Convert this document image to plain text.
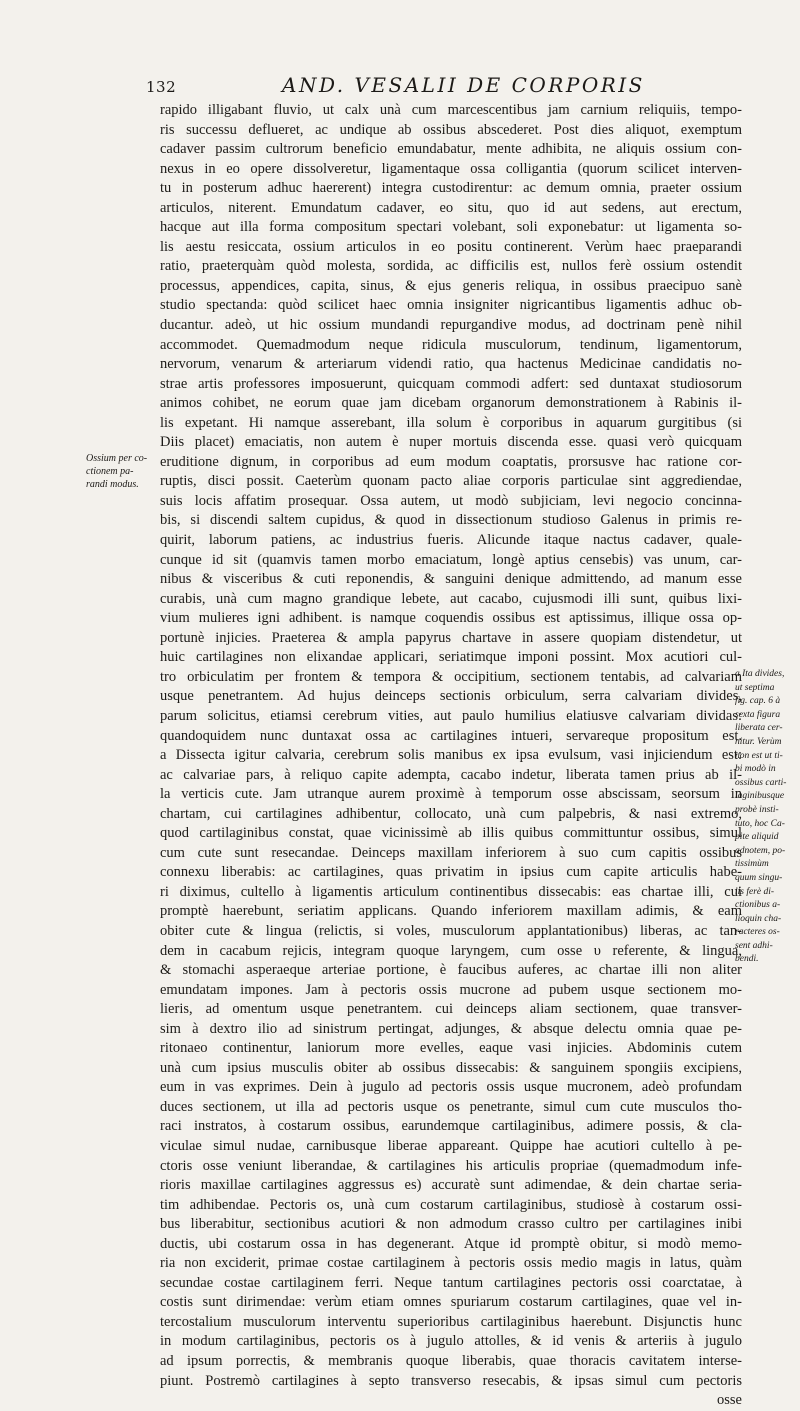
132	AND. VESALII DE CORPORIS
Ossium per co-
ctionem pa-
randi modus.
rapido illigabant fluvio, ut calx unà cum marcescentibus jam carnium reliquiis, tempo-
ris successu deflueret, ac undique ab ossibus abscederet. Post dies aliquot, exemptum
cadaver passim cultrorum beneficio emundabatur, mente adhibita, ne aliquis ossium con-
nexus in eo opere dissolveretur, ligamentaque ossa colligantia (quorum scilicet interven-
tu in posterum adhuc haererent) integra custodirentur: ac demum omnia, praeter ossium
articulos, niterent. Emundatum cadaver, eo situ, quo id aut sedens, aut erectum,
hacque aut illa forma compositum spectari volebant, soli exponebatur: ut ligamenta so-
lis aestu resiccata, ossium articulos in eo positu continerent. Verùm haec praeparandi
ratio, praeterquàm quòd molesta, sordida, ac difficilis est, nullos ferè ossium ostendit
processus, appendices, capita, sinus, & ejus generis reliqua, in ossibus praecipuo sanè
studio spectanda: quòd scilicet haec omnia insigniter nigricantibus ligamentis adhuc ob-
ducantur. adeò, ut hic ossium mundandi repurgandive modus, ad doctrinam penè nihil
accommodet. Quemadmodum neque ridicula musculorum, tendinum, ligamentorum,
nervorum, venarum & arteriarum videndi ratio, qua hactenus Medicinae candidatis no-
strae artis professores imposuerunt, quicquam commodi adfert: sed duntaxat studiosorum
animos cohibet, ne eorum quae jam dicebam organorum demonstrationem à Rabinis il-
lis expetant. Hi namque asserebant, illa solum è corporibus in aquarum gurgitibus (si
Diis placet) emaciatis, non autem è nuper mortuis discenda esse. quasi verò quicquam
eruditione dignum, in corporibus ad eum modum coaptatis, prorsusve hac ratione cor-
ruptis, disci possit. Caeterùm quonam pacto aliae corporis particulae sint aggrediendae,
suis locis affatim prosequar. Ossa autem, ut modò subjiciam, levi negocio concinna-
bis, si discendi saltem cupidus, & quod in dissectionum studioso Galenus in primis re-
quirit, laborum patiens, ac industrius fueris. Alicunde itaque nactus cadaver, quale-
cunque id sit (quamvis tamen morbo emaciatum, longè aptius censebis) vas unum, car-
nibus & visceribus & cuti reponendis, & sanguini denique admittendo, ad manum esse
curabis, unà cum magno grandique lebete, aut cacabo, cujusmodi illi sunt, quibus lixi-
vium mulieres igni adhibent. is namque coquendis ossibus est aptissimus, illique ossa op-
portunè injicies. Praeterea & ampla papyrus chartave in assere quopiam distendetur, ut
huic cartilagines non elixandae applicari, seriatimque imponi possint. Mox acutiori cul-
tro orbiculatim per frontem & tempora & occipitium, sectionem tentabis, ad calvariam
usque penetrantem. Ad hujus deinceps sectionis orbiculum, serra calvariam divides,
parum solicitus, etiamsi cerebrum vities, aut paulo humilius elatiusve calvariam dividas:
quandoquidem nunc duntaxat ossa ac cartilagines intueri, servareque propositum est.
a Dissecta igitur calvaria, cerebrum solis manibus ex ipsa evulsum, vasi injiciendum est:
ac calvariae pars, à reliquo capite adempta, cacabo indetur, liberata tamen prius ab il-
la verticis cute. Jam utranque aurem proximè à temporum osse abscissam, seorsum in
chartam, cui cartilagines adhibentur, collocato, unà cum palpebris, & nasi extremo,
quod cartilaginibus constat, quae vicinissimè ab illis quibus committuntur ossibus, simul
cum cute sunt resecandae. Deinceps maxillam inferiorem à suo cum capitis ossibus
connexu liberabis: ac cartilagines, quas privatim in ipsius cum capite articulis habe-
ri diximus, cultello à ligamentis articulum continentibus dissecabis: eas chartae illi, cui
promptè haerebunt, seriatim applicans. Quando inferiorem maxillam adimis, & eam
obiter cute & lingua (relictis, si voles, musculorum applantationibus) liberas, ac tan-
dem in cacabum rejicis, integram quoque laryngem, cum osse υ referente, & lingua,
& stomachi asperaeque arteriae portione, è faucibus auferes, ac chartae illi non aliter
emundatam impones. Jam à pectoris ossis mucrone ad pubem usque sectionem mo-
lieris, ad omentum usque penetrantem. cui deinceps aliam sectionem, quae transver-
sim à dextro ilio ad sinistrum pertingat, adjunges, & absque delectu omnia quae pe-
ritonaeo continentur, laniorum more evelles, eaque vasi injicies. Abdominis cutem
unà cum ipsius musculis obiter ab ossibus dissecabis: & sanguinem spongiis excipiens,
eum in vas exprimes. Dein à jugulo ad pectoris ossis usque mucronem, adeò profundam
duces sectionem, ut illa ad pectoris usque os penetrante, simul cum cute musculos tho-
raci instratos, à costarum ossibus, earundemque cartilaginibus, adimere possis, & cla-
viculae simul nudae, carnibusque liberae appareant. Quippe hae acutiori cultello à pe-
ctoris osse veniunt liberandae, & cartilagines his articulis propriae (quemadmodum infe-
rioris maxillae cartilagines aggressus es) accuratè sunt adimendae, & dein chartae seria-
tim adhibendae. Pectoris os, unà cum costarum cartilaginibus, studiosè à costarum ossi-
bus liberabitur, sectionibus acutiori & non admodum crasso cultro per cartilagines inibi
ductis, ubi costarum ossa in has degenerant. Atque id promptè obitur, si modò memo-
ria non exciderit, primae costae cartilaginem à pectoris ossis medio magis in latus, quàm
secundae costae cartilaginem ferri. Neque tantum cartilagines pectoris ossi coarctatae, à
costis sunt dirimendae: verùm etiam omnes spuriarum costarum cartilagines, quae vel in-
tercostalium musculorum interventu superioribus cartilaginibus haerebunt. Disjunctis hunc
in modum cartilaginibus, pectoris os à jugulo attolles, & id venis & arteriis à jugulo
ad ipsum porrectis, & membranis quoque liberabis, quae thoracis cavitatem interse-
piunt. Postremò cartilagines à septo transverso resecabis, & ipsas simul cum pectoris
osse
a Ita divides,
ut septima
fig. cap. 6 à
sexta figura
liberata cer-
nitur. Verùm
non est ut ti-
bi modò in
ossibus carti-
laginibusque
probè insti-
tuto, hoc Ca-
pite aliquid
adnotem, po-
tissimùm
quum singu-
lis ferè di-
ctionibus a-
lioquin cha-
racteres os-
sent adhi-
bendi.
